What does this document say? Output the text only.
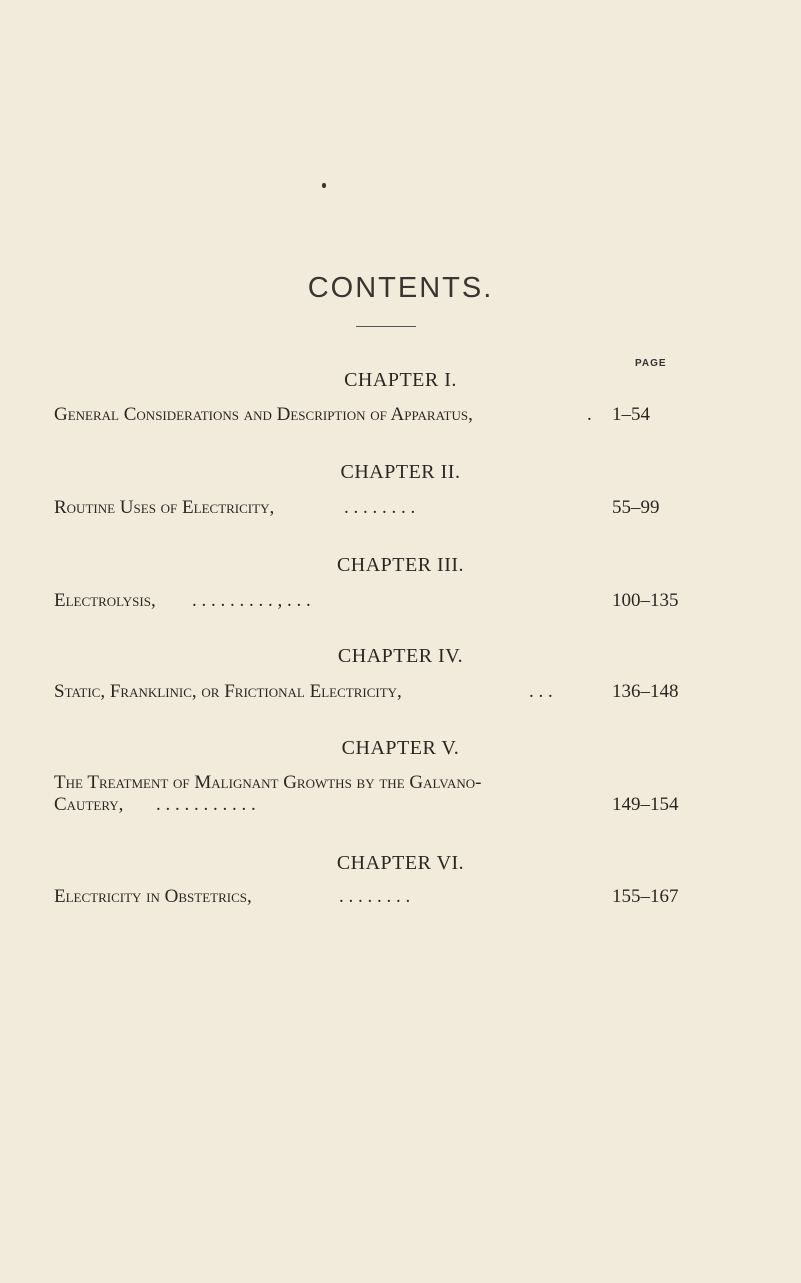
CONTENTS.
PAGE
CHAPTER I.
General Considerations and Description of Apparatus,	. 1–54
CHAPTER II.
Routine Uses of Electricity,	. . . . . . . .	55–99
CHAPTER III.
Electrolysis, . . . . . . . . . , . . .	100–135
CHAPTER IV.
Static, Franklinic, or Frictional Electricity,	. . .	136–148
CHAPTER V.
The Treatment of Malignant Growths by the Galvano-
Cautery, . . . . . . . . . . .	149–154
CHAPTER VI.
Electricity in Obstetrics,	. . . . . . . .	155–167
